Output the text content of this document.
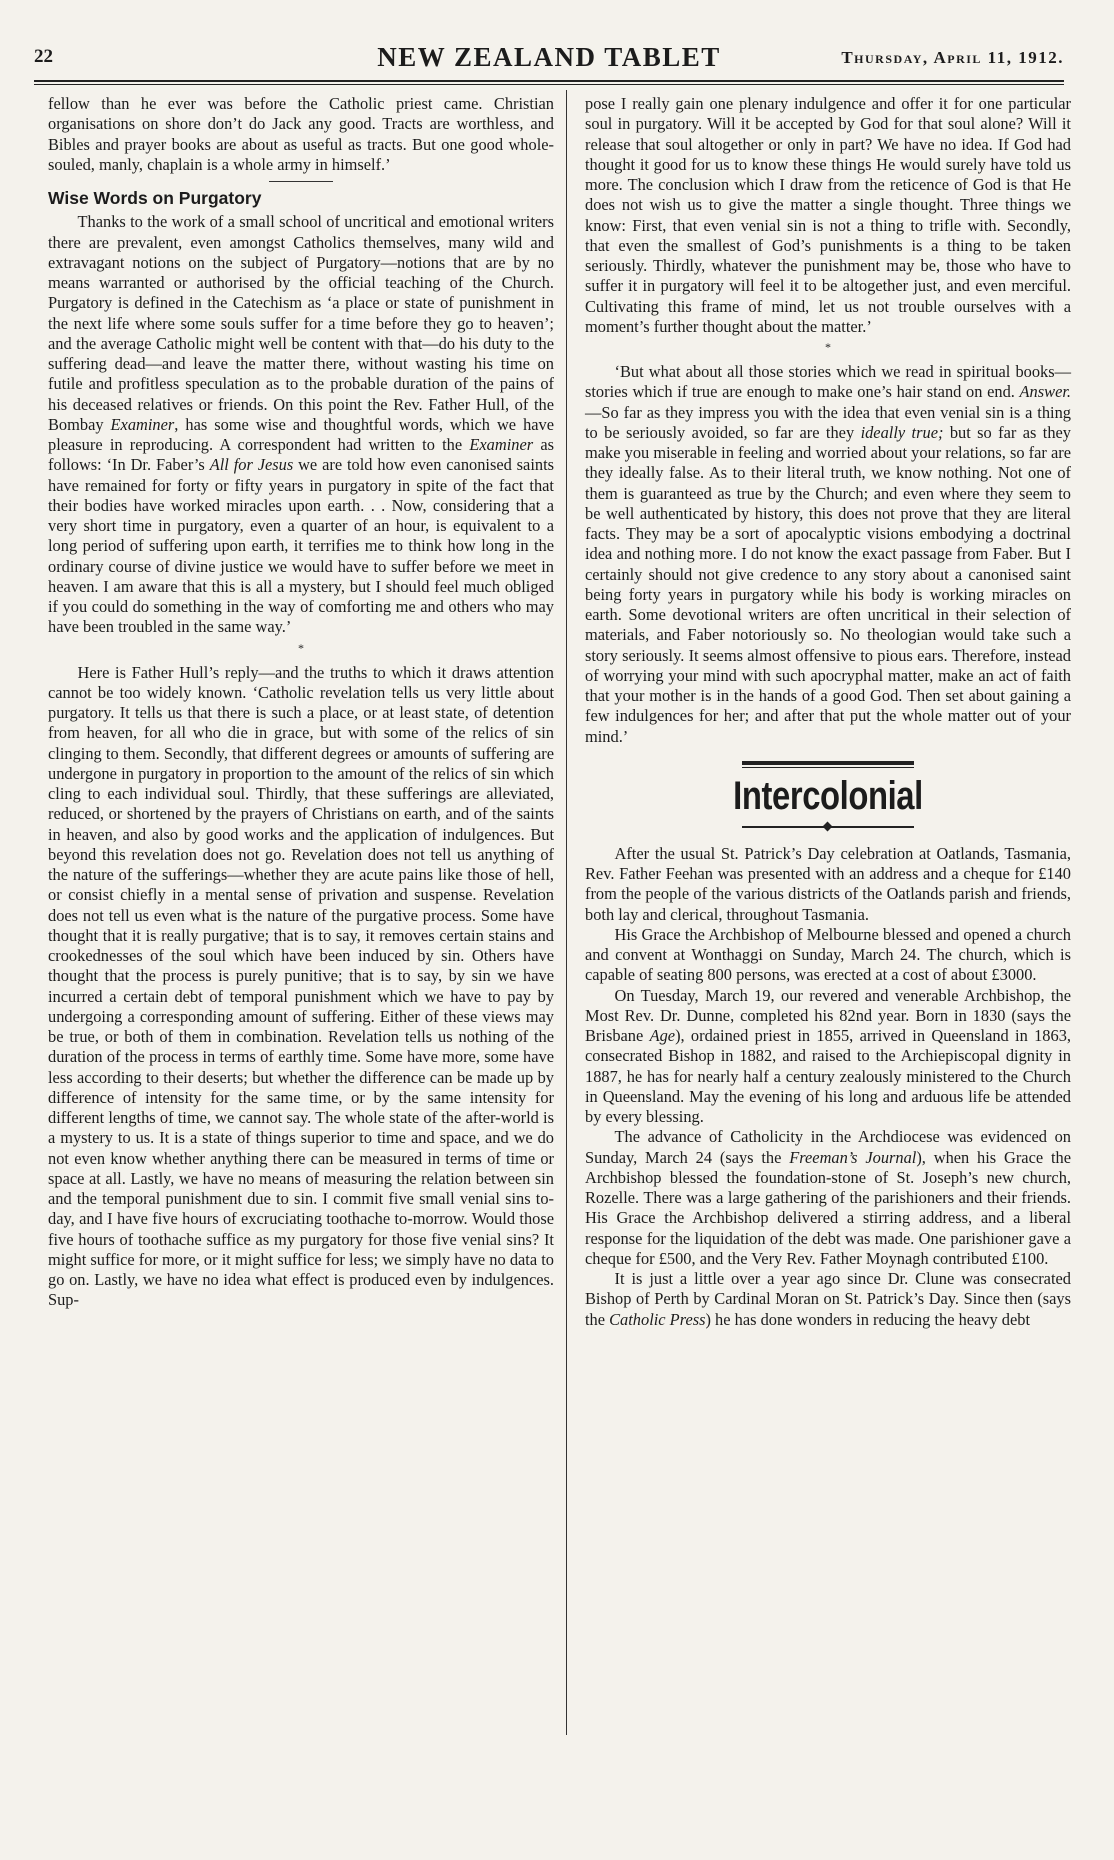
22	NEW ZEALAND TABLET	Thursday, April 11, 1912.

fellow than he ever was before the Catholic priest came. Christian organisations on shore don’t do Jack any good. Tracts are worthless, and Bibles and prayer books are about as useful as tracts. But one good whole-souled, manly, chaplain is a whole army in himself.’

Wise Words on Purgatory

Thanks to the work of a small school of uncritical and emotional writers there are prevalent, even amongst Catholics themselves, many wild and extravagant notions on the subject of Purgatory—notions that are by no means warranted or authorised by the official teaching of the Church. Purgatory is defined in the Catechism as ‘a place or state of punishment in the next life where some souls suffer for a time before they go to heaven’; and the average Catholic might well be content with that—do his duty to the suffering dead—and leave the matter there, without wasting his time on futile and profitless speculation as to the probable duration of the pains of his deceased relatives or friends. On this point the Rev. Father Hull, of the Bombay Examiner, has some wise and thoughtful words, which we have pleasure in reproducing. A correspondent had written to the Examiner as follows: ‘In Dr. Faber’s All for Jesus we are told how even canonised saints have remained for forty or fifty years in purgatory in spite of the fact that their bodies have worked miracles upon earth. . . Now, considering that a very short time in purgatory, even a quarter of an hour, is equivalent to a long period of suffering upon earth, it terrifies me to think how long in the ordinary course of divine justice we would have to suffer before we meet in heaven. I am aware that this is all a mystery, but I should feel much obliged if you could do something in the way of comforting me and others who may have been troubled in the same way.’

*

Here is Father Hull’s reply—and the truths to which it draws attention cannot be too widely known. ‘Catholic revelation tells us very little about purgatory. It tells us that there is such a place, or at least state, of detention from heaven, for all who die in grace, but with some of the relics of sin clinging to them. Secondly, that different degrees or amounts of suffering are undergone in purgatory in proportion to the amount of the relics of sin which cling to each individual soul. Thirdly, that these sufferings are alleviated, reduced, or shortened by the prayers of Christians on earth, and of the saints in heaven, and also by good works and the application of indulgences. But beyond this revelation does not go. Revelation does not tell us anything of the nature of the sufferings—whether they are acute pains like those of hell, or consist chiefly in a mental sense of privation and suspense. Revelation does not tell us even what is the nature of the purgative process. Some have thought that it is really purgative; that is to say, it removes certain stains and crookednesses of the soul which have been induced by sin. Others have thought that the process is purely punitive; that is to say, by sin we have incurred a certain debt of temporal punishment which we have to pay by undergoing a corresponding amount of suffering. Either of these views may be true, or both of them in combination. Revelation tells us nothing of the duration of the process in terms of earthly time. Some have more, some have less according to their deserts; but whether the difference can be made up by difference of intensity for the same time, or by the same intensity for different lengths of time, we cannot say. The whole state of the after-world is a mystery to us. It is a state of things superior to time and space, and we do not even know whether anything there can be measured in terms of time or space at all. Lastly, we have no means of measuring the relation between sin and the temporal punishment due to sin. I commit five small venial sins to-day, and I have five hours of excruciating toothache to-morrow. Would those five hours of toothache suffice as my purgatory for those five venial sins? It might suffice for more, or it might suffice for less; we simply have no data to go on. Lastly, we have no idea what effect is produced even by indulgences. Sup-

pose I really gain one plenary indulgence and offer it for one particular soul in purgatory. Will it be accepted by God for that soul alone? Will it release that soul altogether or only in part? We have no idea. If God had thought it good for us to know these things He would surely have told us more. The conclusion which I draw from the reticence of God is that He does not wish us to give the matter a single thought. Three things we know: First, that even venial sin is not a thing to trifle with. Secondly, that even the smallest of God’s punishments is a thing to be taken seriously. Thirdly, whatever the punishment may be, those who have to suffer it in purgatory will feel it to be altogether just, and even merciful. Cultivating this frame of mind, let us not trouble ourselves with a moment’s further thought about the matter.’

*

‘But what about all those stories which we read in spiritual books—stories which if true are enough to make one’s hair stand on end. Answer.—So far as they impress you with the idea that even venial sin is a thing to be seriously avoided, so far are they ideally true; but so far as they make you miserable in feeling and worried about your relations, so far are they ideally false. As to their literal truth, we know nothing. Not one of them is guaranteed as true by the Church; and even where they seem to be well authenticated by history, this does not prove that they are literal facts. They may be a sort of apocalyptic visions embodying a doctrinal idea and nothing more. I do not know the exact passage from Faber. But I certainly should not give credence to any story about a canonised saint being forty years in purgatory while his body is working miracles on earth. Some devotional writers are often uncritical in their selection of materials, and Faber notoriously so. No theologian would take such a story seriously. It seems almost offensive to pious ears. Therefore, instead of worrying your mind with such apocryphal matter, make an act of faith that your mother is in the hands of a good God. Then set about gaining a few indulgences for her; and after that put the whole matter out of your mind.’

Intercolonial

After the usual St. Patrick’s Day celebration at Oatlands, Tasmania, Rev. Father Feehan was presented with an address and a cheque for £140 from the people of the various districts of the Oatlands parish and friends, both lay and clerical, throughout Tasmania.

His Grace the Archbishop of Melbourne blessed and opened a church and convent at Wonthaggi on Sunday, March 24. The church, which is capable of seating 800 persons, was erected at a cost of about £3000.

On Tuesday, March 19, our revered and venerable Archbishop, the Most Rev. Dr. Dunne, completed his 82nd year. Born in 1830 (says the Brisbane Age), ordained priest in 1855, arrived in Queensland in 1863, consecrated Bishop in 1882, and raised to the Archiepiscopal dignity in 1887, he has for nearly half a century zealously ministered to the Church in Queensland. May the evening of his long and arduous life be attended by every blessing.

The advance of Catholicity in the Archdiocese was evidenced on Sunday, March 24 (says the Freeman’s Journal), when his Grace the Archbishop blessed the foundation-stone of St. Joseph’s new church, Rozelle. There was a large gathering of the parishioners and their friends. His Grace the Archbishop delivered a stirring address, and a liberal response for the liquidation of the debt was made. One parishioner gave a cheque for £500, and the Very Rev. Father Moynagh contributed £100.

It is just a little over a year ago since Dr. Clune was consecrated Bishop of Perth by Cardinal Moran on St. Patrick’s Day. Since then (says the Catholic Press) he has done wonders in reducing the heavy debt
